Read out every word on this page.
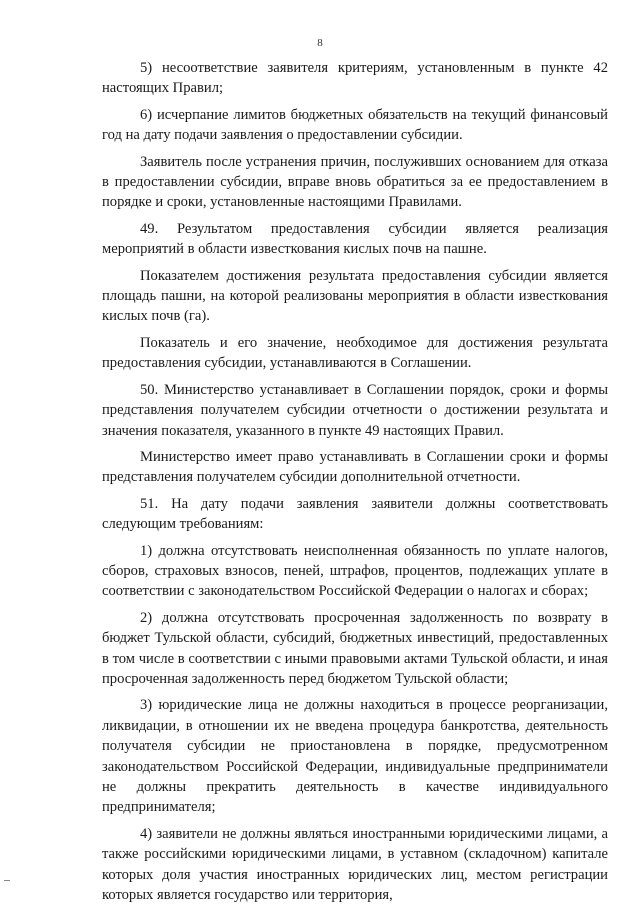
8

5) несоответствие заявителя критериям, установленным в пункте 42 настоящих Правил;

6) исчерпание лимитов бюджетных обязательств на текущий финансовый год на дату подачи заявления о предоставлении субсидии.

Заявитель после устранения причин, послуживших основанием для отказа в предоставлении субсидии, вправе вновь обратиться за ее предоставлением в порядке и сроки, установленные настоящими Правилами.

49. Результатом предоставления субсидии является реализация мероприятий в области известкования кислых почв на пашне.

Показателем достижения результата предоставления субсидии является площадь пашни, на которой реализованы мероприятия в области известкования кислых почв (га).

Показатель и его значение, необходимое для достижения результата предоставления субсидии, устанавливаются в Соглашении.

50. Министерство устанавливает в Соглашении порядок, сроки и формы представления получателем субсидии отчетности о достижении результата и значения показателя, указанного в пункте 49 настоящих Правил.

Министерство имеет право устанавливать в Соглашении сроки и формы представления получателем субсидии дополнительной отчетности.

51. На дату подачи заявления заявители должны соответствовать следующим требованиям:

1) должна отсутствовать неисполненная обязанность по уплате налогов, сборов, страховых взносов, пеней, штрафов, процентов, подлежащих уплате в соответствии с законодательством Российской Федерации о налогах и сборах;

2) должна отсутствовать просроченная задолженность по возврату в бюджет Тульской области, субсидий, бюджетных инвестиций, предоставленных в том числе в соответствии с иными правовыми актами Тульской области, и иная просроченная задолженность перед бюджетом Тульской области;

3) юридические лица не должны находиться в процессе реорганизации, ликвидации, в отношении их не введена процедура банкротства, деятельность получателя субсидии не приостановлена в порядке, предусмотренном законодательством Российской Федерации, индивидуальные предприниматели не должны прекратить деятельность в качестве индивидуального предпринимателя;

4) заявители не должны являться иностранными юридическими лицами, а также российскими юридическими лицами, в уставном (складочном) капитале которых доля участия иностранных юридических лиц, местом регистрации которых является государство или территория,
